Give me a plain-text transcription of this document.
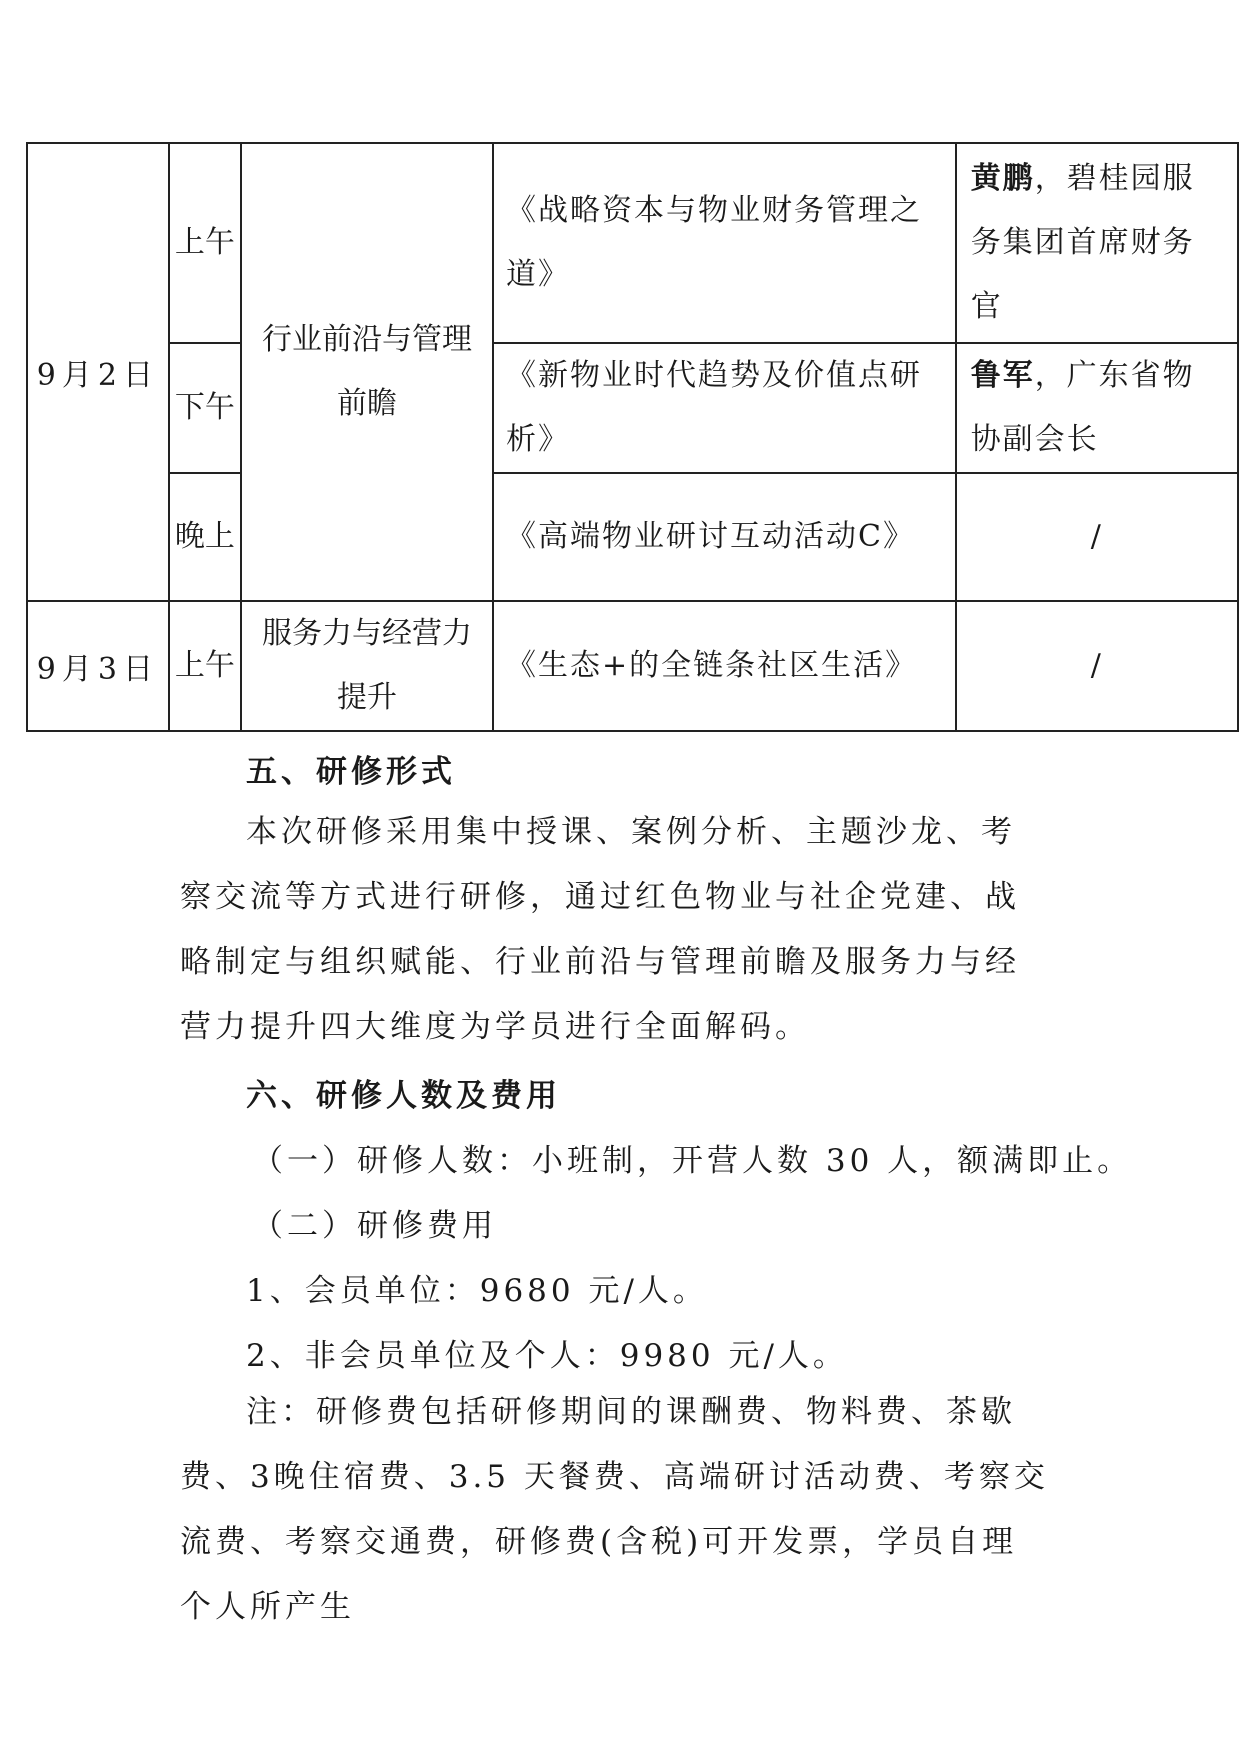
9月2日	上午	行业前沿与管理前瞻	《战略资本与物业财务管理之道》	黄鹏，碧桂园服务集团首席财务官

	下午		《新物业时代趋势及价值点研析》	鲁军，广东省物协副会长

	晚上		《高端物业研讨互动活动C》	/
9月3日	上午	服务力与经营力提升	《生态+的全链条社区生活》	/
五、研修形式

本次研修采用集中授课、案例分析、主题沙龙、考察交流等方式进行研修，通过红色物业与社企党建、战略制定与组织赋能、行业前沿与管理前瞻及服务力与经营力提升四大维度为学员进行全面解码。

六、研修人数及费用
（一）研修人数：小班制，开营人数 30 人，额满即止。
（二）研修费用
1、会员单位：9680 元/人。
2、非会员单位及个人：9980 元/人。

注：研修费包括研修期间的课酬费、物料费、茶歇费、3晚住宿费、3.5 天餐费、高端研讨活动费、考察交流费、考察交通费，研修费(含税)可开发票，学员自理个人所产生
